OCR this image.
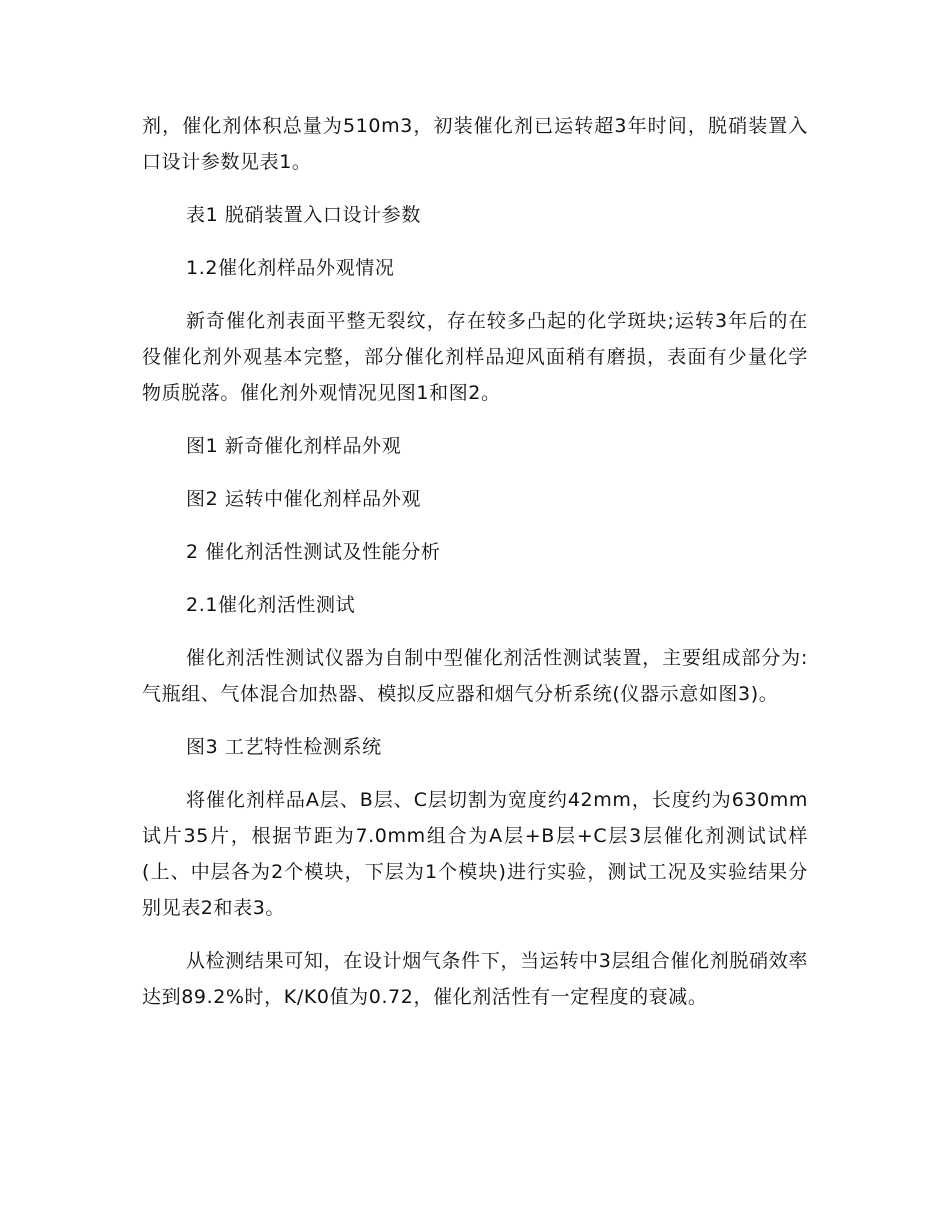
剂，催化剂体积总量为510m3，初装催化剂已运转超3年时间，脱硝装置入口设计参数见表1。

表1 脱硝装置入口设计参数

1.2催化剂样品外观情况

新奇催化剂表面平整无裂纹，存在较多凸起的化学斑块;运转3年后的在役催化剂外观基本完整，部分催化剂样品迎风面稍有磨损，表面有少量化学物质脱落。催化剂外观情况见图1和图2。

图1 新奇催化剂样品外观

图2 运转中催化剂样品外观

2 催化剂活性测试及性能分析

2.1催化剂活性测试

催化剂活性测试仪器为自制中型催化剂活性测试装置，主要组成部分为:气瓶组、气体混合加热器、模拟反应器和烟气分析系统(仪器示意如图3)。

图3 工艺特性检测系统

将催化剂样品A层、B层、C层切割为宽度约42mm，长度约为630mm试片35片，根据节距为7.0mm组合为A层+B层+C层3层催化剂测试试样(上、中层各为2个模块，下层为1个模块)进行实验，测试工况及实验结果分别见表2和表3。

从检测结果可知，在设计烟气条件下，当运转中3层组合催化剂脱硝效率达到89.2%时，K/K0值为0.72，催化剂活性有一定程度的衰减。
